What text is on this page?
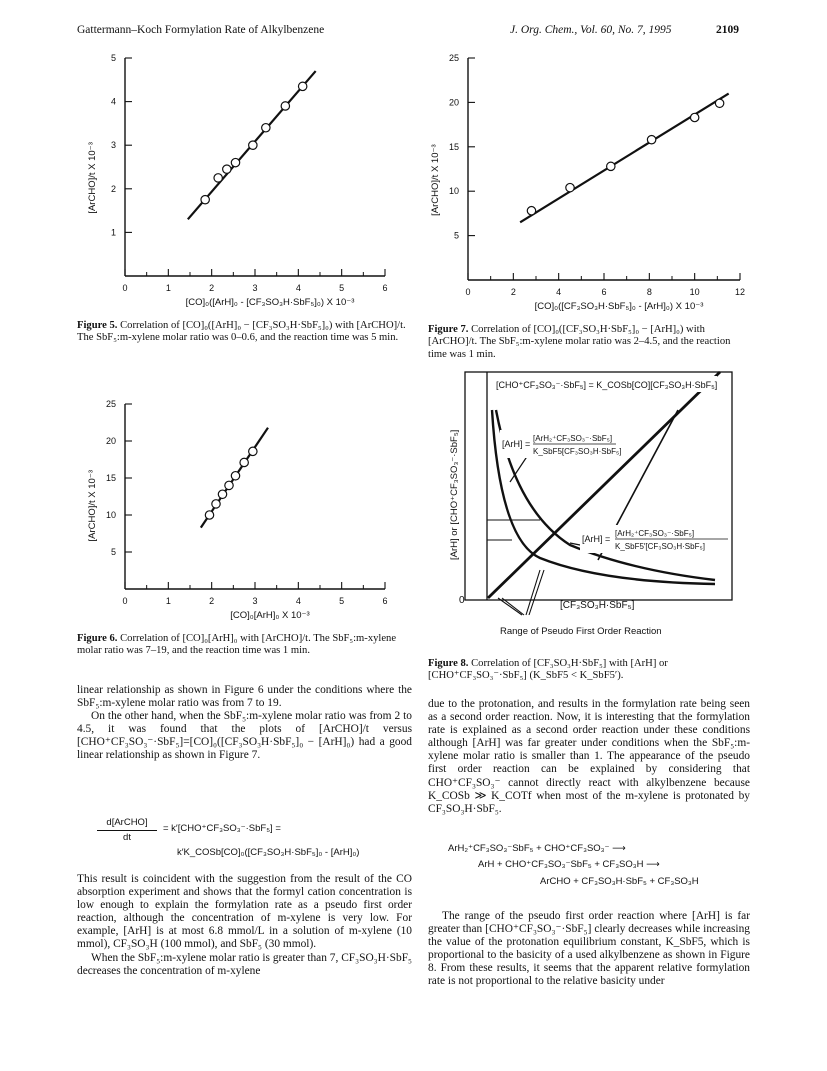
Gattermann–Koch Formylation Rate of Alkylbenzene	J. Org. Chem., Vol. 60, No. 7, 1995	2109
0	1	2	3	4	5	6
1
2
3
4
5
[CO]₀([ArH]₀ - [CF₃SO₃H·SbF₅]₀) X 10⁻³
[ArCHO]/t X 10⁻³
Figure 5. Correlation of [CO]₀([ArH]₀ − [CF₃SO₃H·SbF₅]₀) with [ArCHO]/t. The SbF₅:m-xylene molar ratio was 0–0.6, and the reaction time was 5 min.
0	1	2	3	4	5	6
5
10
15
20
25
[CO]₀[ArH]₀ X 10⁻³
[ArCHO]/t X 10⁻³
Figure 6. Correlation of [CO]₀[ArH]₀ with [ArCHO]/t. The SbF₅:m-xylene molar ratio was 7–19, and the reaction time was 1 min.
0	2	4	6	8	10	12
5
10
15
20
25
[CO]₀([CF₃SO₃H·SbF₅]₀ - [ArH]₀) X 10⁻³
[ArCHO]/t X 10⁻³
Figure 7. Correlation of [CO]₀([CF₃SO₃H·SbF₅]₀ − [ArH]₀) with [ArCHO]/t. The SbF₅:m-xylene molar ratio was 2–4.5, and the reaction time was 1 min.
0	[CF₃SO₃H·SbF₅]
[ArH] or [CHO⁺CF₃SO₃⁻·SbF₅]
[CHO⁺CF₃SO₃⁻·SbF₅] = K_COSb[CO][CF₃SO₃H·SbF₅]
[ArH] =
[ArH₂⁺CF₃SO₃⁻·SbF₅]
K_SbF5[CF₃SO₃H·SbF₅]
[ArH] =
[ArH₂⁺CF₃SO₃⁻·SbF₅]
K_SbF5′[CF₃SO₃H·SbF₅]
Range of Pseudo First Order Reaction
Figure 8. Correlation of [CF₃SO₃H·SbF₅] with [ArH] or [CHO⁺CF₃SO₃⁻·SbF₅] (K_SbF5 < K_SbF5′).

linear relationship as shown in Figure 6 under the conditions where the SbF₅:m-xylene molar ratio was from 7 to 19.

On the other hand, when the SbF₅:m-xylene molar ratio was from 2 to 4.5, it was found that the plots of [ArCHO]/t versus [CHO⁺CF₃SO₃⁻·SbF₅]=[CO]₀([CF₃SO₃H·SbF₅]₀ − [ArH]₀) had a good linear relationship as shown in Figure 7.

d[ArCHO]
dt
= k′[CHO⁺CF₃SO₃⁻·SbF₅] =
k′K_COSb[CO]₀([CF₃SO₃H·SbF₅]₀ - [ArH]₀)

This result is coincident with the suggestion from the result of the CO absorption experiment and shows that the formyl cation concentration is low enough to explain the formylation rate as a pseudo first order reaction, although the concentration of m-xylene is very low. For example, [ArH] is at most 6.8 mmol/L in a solution of m-xylene (10 mmol), CF₃SO₃H (100 mmol), and SbF₅ (30 mmol).

When the SbF₅:m-xylene molar ratio is greater than 7, CF₃SO₃H·SbF₅ decreases the concentration of m-xylene

due to the protonation, and results in the formylation rate being seen as a second order reaction. Now, it is interesting that the formylation rate is explained as a second order reaction under these conditions although [ArH] was far greater under conditions when the SbF₅:m-xylene molar ratio is smaller than 1. The appearance of the pseudo first order reaction can be explained by considering that CHO⁺CF₃SO₃⁻ cannot directly react with alkylbenzene because K_COSb ≫ K_COTf when most of the m-xylene is protonated by CF₃SO₃H·SbF₅.

ArH₂⁺CF₃SO₃⁻SbF₅ + CHO⁺CF₃SO₃⁻ ⟶
ArH + CHO⁺CF₃SO₃⁻SbF₅ + CF₃SO₃H ⟶
ArCHO + CF₃SO₃H·SbF₅ + CF₃SO₃H

The range of the pseudo first order reaction where [ArH] is far greater than [CHO⁺CF₃SO₃⁻·SbF₅] clearly decreases while increasing the value of the protonation equilibrium constant, K_SbF5, which is proportional to the basicity of a used alkylbenzene as shown in Figure 8. From these results, it seems that the apparent relative formylation rate is not proportional to the relative basicity under
